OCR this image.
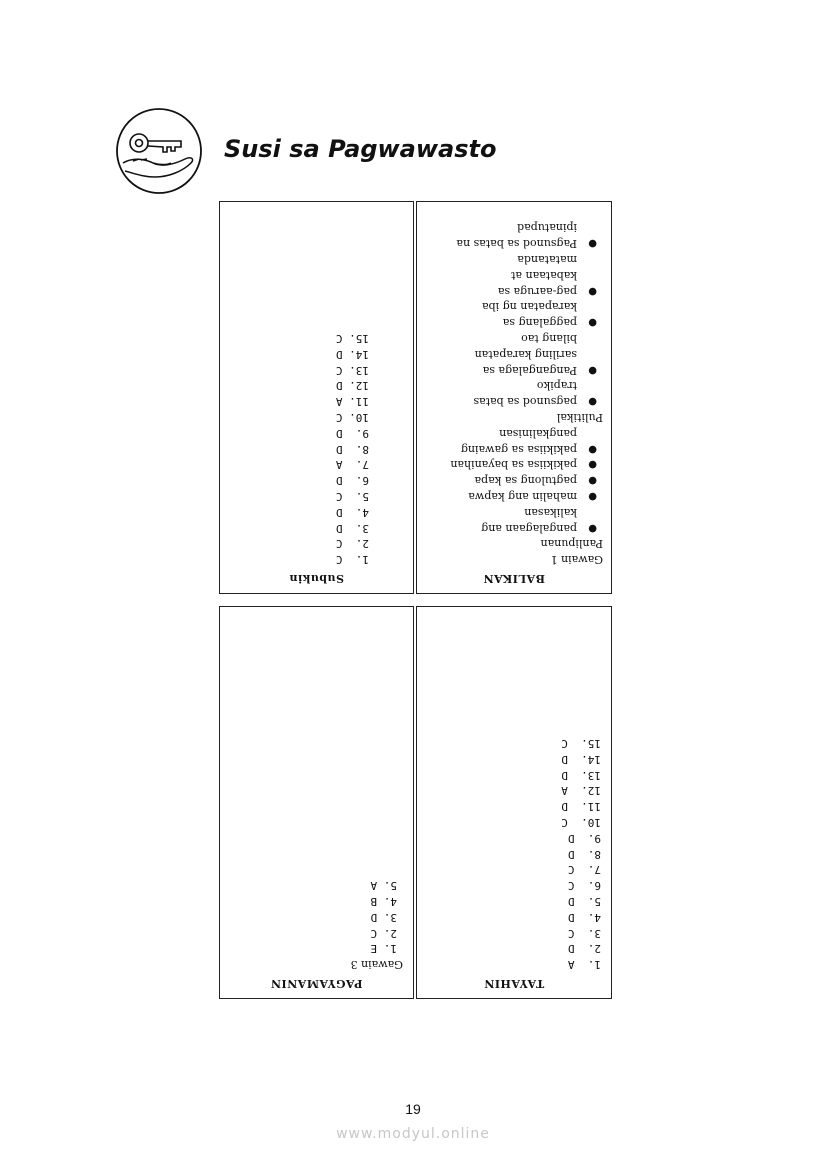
Susi sa Pagwawasto
BALIKAN
Gawain 1
Panlipunan
● pangalagaan ang
kalikasan
● mahalin ang kapwa
● pagtulong sa kapa
● pakikiisa sa bayanihan
● pakikiisa sa gawaing
pangkalinisan
Pulitikal
● pagsunod sa batas
trapiko
● Pangangalaga sa
sariling karapatan
bilang tao
● paggalang sa
karapatan ng iba
● pag-aaruga sa
kabataan at
matatanda
● Pagsunod sa batas na
ipinatupad
Subukin
1.  C
2.  C
3.  D
4.  D
5.  C
6.  D
7.  A
8.  D
9.  D
10. C
11. A
12. D
13. C
14. D
15. C
TAYAHIN
1.  A
2.  D
3.  C
4.  D
5.  D
6.  C
7.  C
8.  D
9.  D
10.  C
11.  D
12.  A
13.  D
14.  D
15.  C
PAGYAMANIN
Gawain 3
1. E
2. C
3. D
4. B
5. A
19
www.modyul.online
